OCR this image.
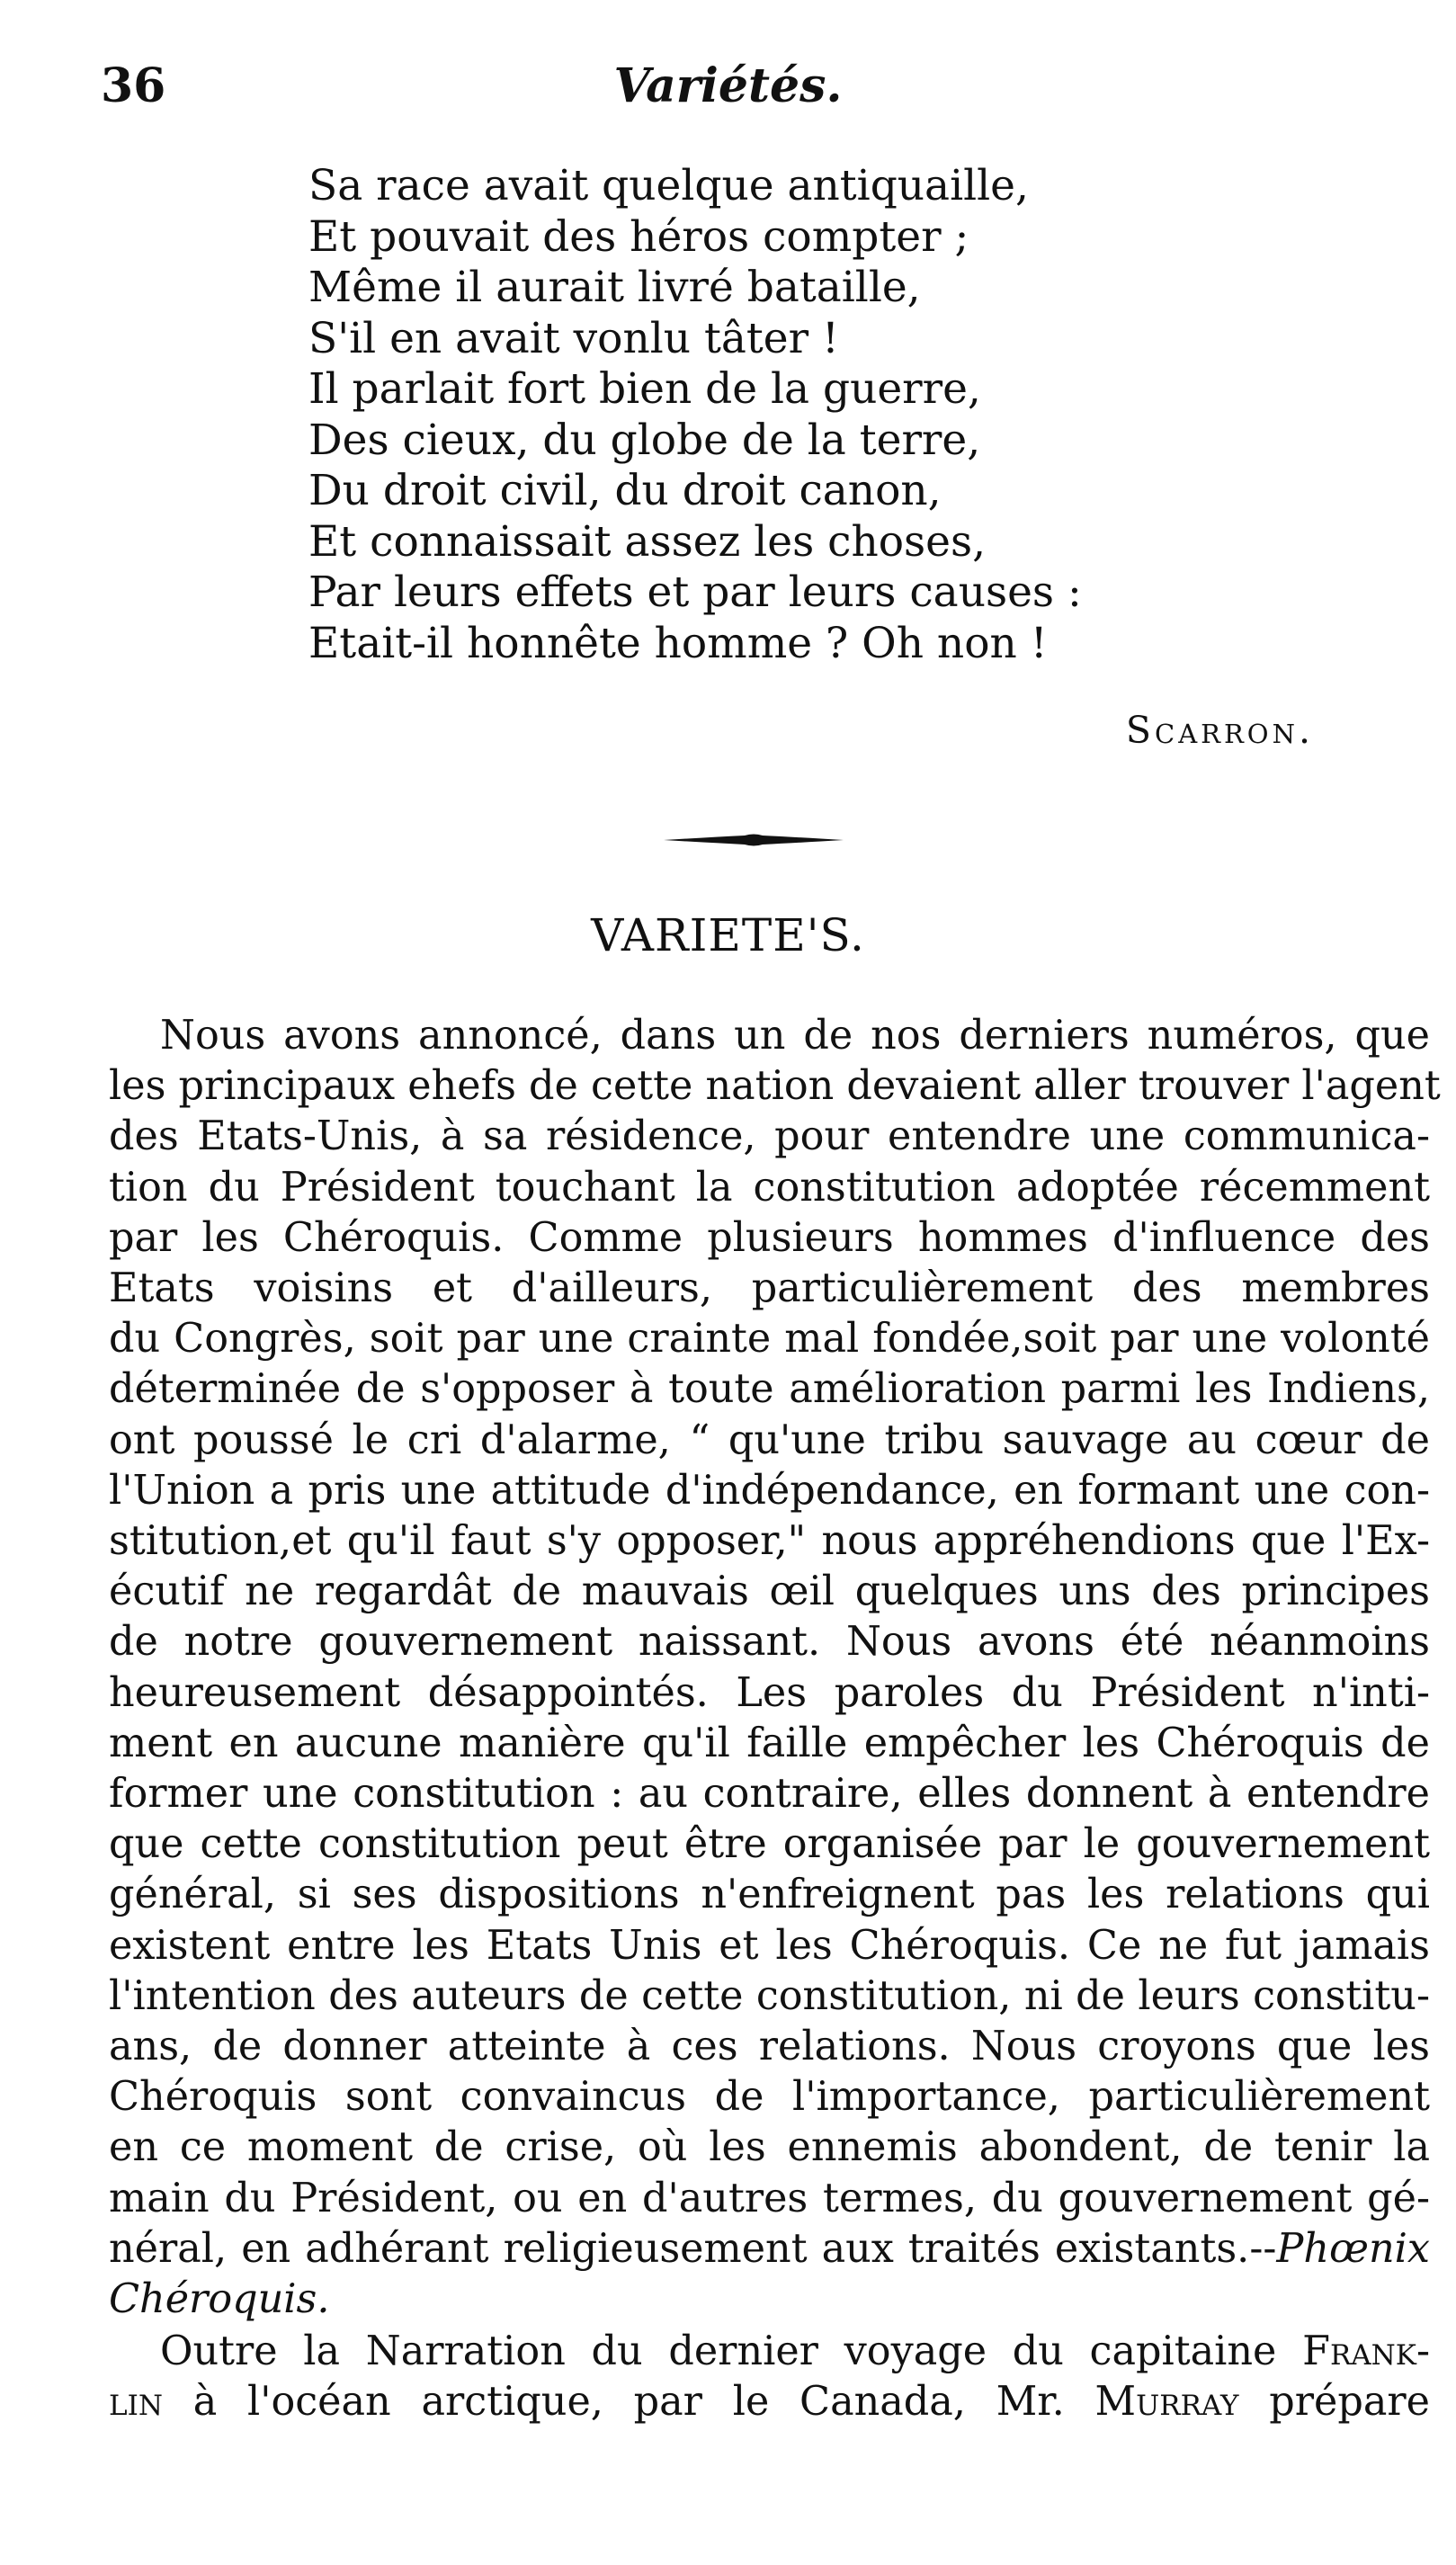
36	Variétés.
Sa race avait quelque antiquaille,
Et pouvait des héros compter ;
Même il aurait livré bataille,
S'il en avait vonlu tâter !
Il parlait fort bien de la guerre,
Des cieux, du globe de la terre,
Du droit civil, du droit canon,
Et connaissait assez les choses,
Par leurs effets et par leurs causes :
Etait-il honnête homme ? Oh non !
Scarron.
VARIETE'S.
Nous avons annoncé, dans un de nos derniers numéros, que
les principaux ehefs de cette nation devaient aller trouver l'agent
des Etats-Unis, à sa résidence, pour entendre une communica-
tion du Président touchant la constitution adoptée récemment
par les Chéroquis. Comme plusieurs hommes d'influence des
Etats voisins et d'ailleurs, particulièrement des membres
du Congrès, soit par une crainte mal fondée,soit par une volonté
déterminée de s'opposer à toute amélioration parmi les Indiens,
ont poussé le cri d'alarme, “ qu'une tribu sauvage au cœur de
l'Union a pris une attitude d'indépendance, en formant une con-
stitution,et qu'il faut s'y opposer," nous appréhendions que l'Ex-
écutif ne regardât de mauvais œil quelques uns des principes
de notre gouvernement naissant. Nous avons été néanmoins
heureusement désappointés. Les paroles du Président n'inti-
ment en aucune manière qu'il faille empêcher les Chéroquis de
former une constitution : au contraire, elles donnent à entendre
que cette constitution peut être organisée par le gouvernement
général, si ses dispositions n'enfreignent pas les relations qui
existent entre les Etats Unis et les Chéroquis. Ce ne fut jamais
l'intention des auteurs de cette constitution, ni de leurs constitu-
ans, de donner atteinte à ces relations. Nous croyons que les
Chéroquis sont convaincus de l'importance, particulièrement
en ce moment de crise, où les ennemis abondent, de tenir la
main du Président, ou en d'autres termes, du gouvernement gé-
néral, en adhérant religieusement aux traités existants.--Phœnix
Chéroquis.
Outre la Narration du dernier voyage du capitaine Frank-
lin à l'océan arctique, par le Canada, Mr. Murray prépare
